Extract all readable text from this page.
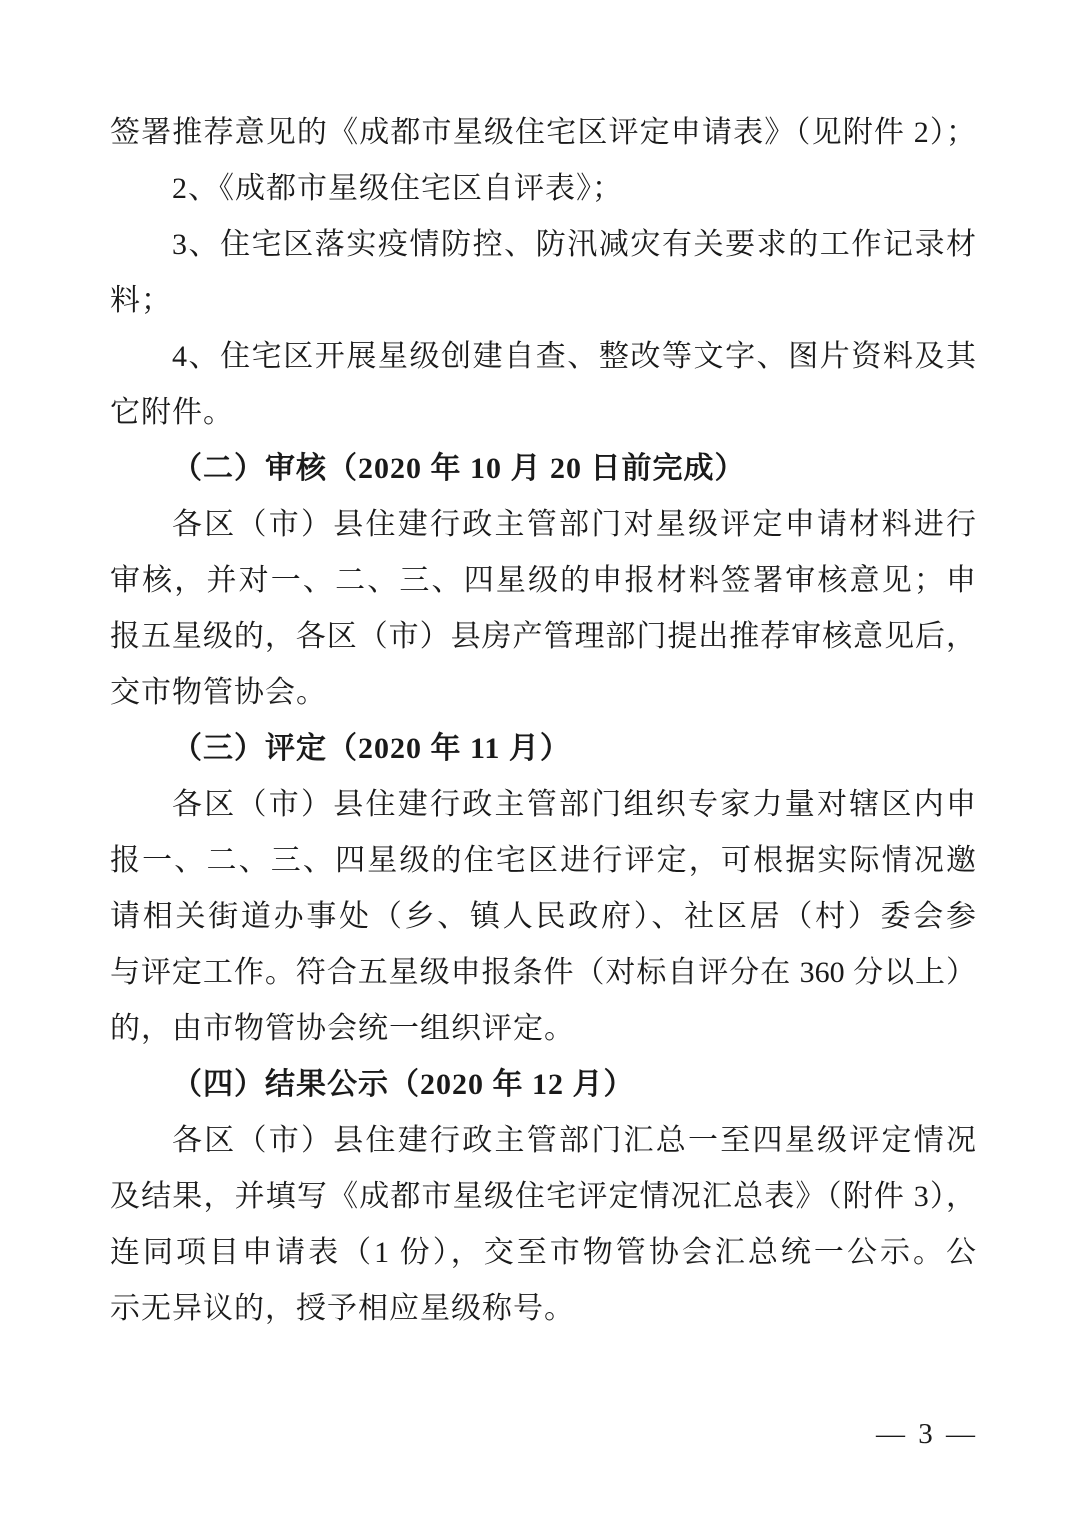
签署推荐意见的《成都市星级住宅区评定申请表》（见附件 2）；
2、《成都市星级住宅区自评表》；
3、住宅区落实疫情防控、防汛减灾有关要求的工作记录材
料；
4、住宅区开展星级创建自查、整改等文字、图片资料及其
它附件。
（二）审核（2020 年 10 月 20 日前完成）
各区（市）县住建行政主管部门对星级评定申请材料进行
审核，并对一、二、三、四星级的申报材料签署审核意见；申
报五星级的，各区（市）县房产管理部门提出推荐审核意见后，
交市物管协会。
（三）评定（2020 年 11 月）
各区（市）县住建行政主管部门组织专家力量对辖区内申
报一、二、三、四星级的住宅区进行评定，可根据实际情况邀
请相关街道办事处（乡、镇人民政府）、社区居（村）委会参
与评定工作。符合五星级申报条件（对标自评分在 360 分以上）
的，由市物管协会统一组织评定。
（四）结果公示（2020 年 12 月）
各区（市）县住建行政主管部门汇总一至四星级评定情况
及结果，并填写《成都市星级住宅评定情况汇总表》（附件 3），
连同项目申请表（1 份），交至市物管协会汇总统一公示。公
示无异议的，授予相应星级称号。
— 3 —
